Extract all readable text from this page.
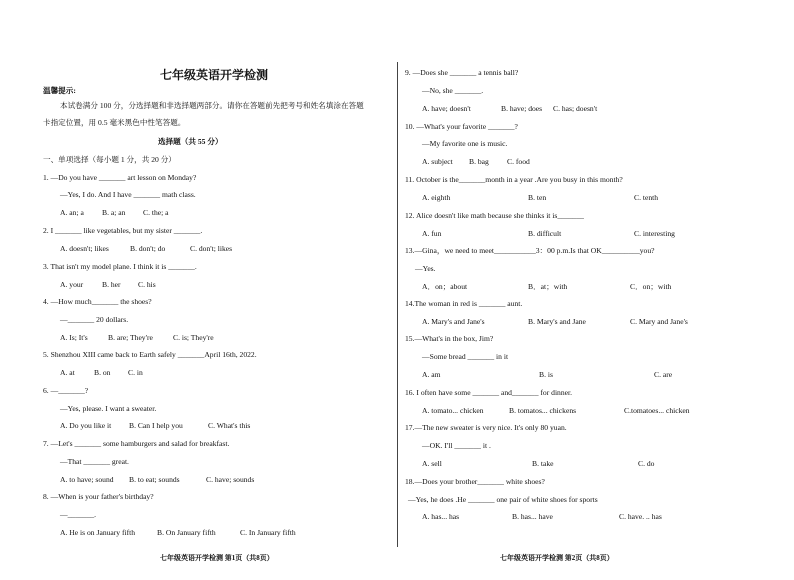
七年级英语开学检测
温馨提示:
本试卷满分 100 分，分选择题和非选择题两部分。请你在答题前先把考号和姓名填涂在答题
卡指定位置，用 0.5 毫米黑色中性笔答题。
选择题（共 55 分）
一、单项选择（每小题 1 分，共 20 分）
1. —Do you have _______ art lesson on Monday?
—Yes, I do. And I have _______ math class.
A. an; a B. a; an C. the; a
2. I _______ like vegetables, but my sister _______.
A. doesn't; likes	B. don't; do	C. don't; likes
3. That isn't my model plane. I think it is _______.
A. your B. her C. his
4. —How much_______ the shoes?
—_______ 20 dollars.
A. Is; It's	B. are; They're	C. is; They're
5. Shenzhou XIII came back to Earth safely _______April 16th, 2022.
A. at	B. on C. in
6. —_______?
—Yes, please. I want a sweater.
A. Do you like it B. Can I help you	C. What's this
7. —Let's _______ some hamburgers and salad for breakfast.
—That _______ great.
A. to have; sound B. to eat; sounds	C. have; sounds
8. —When is your father's birthday?
—_______.
A. He is on January fifth	B. On January fifth	C. In January fifth
七年级英语开学检测 第1页（共8页）
9. —Does she _______ a tennis ball?
—No, she _______.
A. have; doesn't	B. have; does C. has; doesn't
10. —What's your favorite _______?
—My favorite one is music.
A. subject B. bag C. food
11. October is the_______month in a year .Are you busy in this month?
A. eighth	B. ten	C. tenth
12. Alice doesn't like math because she thinks it is_______
A. fun	B. difficult	C. interesting
13.—Gina，we need to meet___________3：00 p.m.Is that OK__________you?
—Yes.
A．on；about	B．at；with	C．on；with
14.The woman in red is _______ aunt.
A. Mary's and Jane's	B. Mary's and Jane	C. Mary and Jane's
15.—What's in the box, Jim?
—Some bread _______ in it
A. am	B. is	C. are
16. I often have some _______ and_______ for dinner.
A. tomato... chicken	B. tomatos... chickens	C.tomatoes... chicken
17.—The new sweater is very nice. It's only 80 yuan.
—OK. I'll _______ it .
A. sell	B. take	C. do
18.—Does your brother_______ white shoes?
—Yes, he does .He _______ one pair of white shoes for sports
A. has... has	B. has... have	C. have. .. has
七年级英语开学检测 第2页（共8页）
